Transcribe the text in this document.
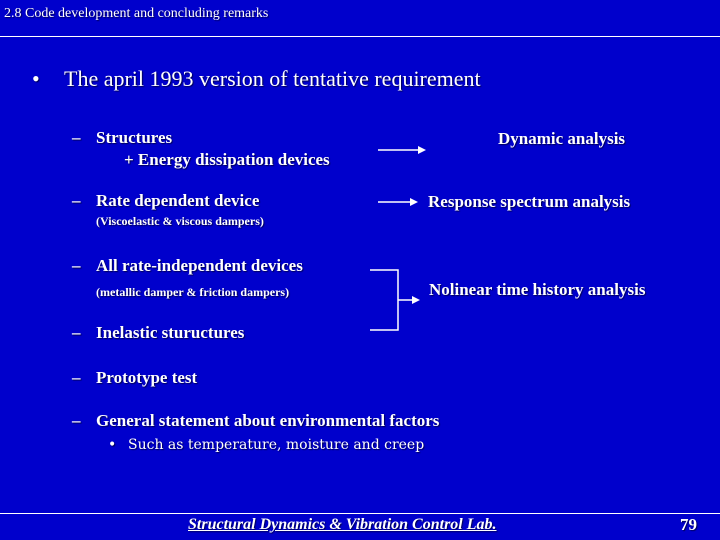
2.8 Code development and concluding remarks
• The april 1993 version of tentative requirement
– Structures
+ Energy dissipation devices
Dynamic analysis
– Rate dependent device
(Viscoelastic & viscous dampers)
Response spectrum analysis
– All rate-independent devices
(metallic damper & friction dampers)	Nolinear time history analysis
– Inelastic stuructures
– Prototype test
– General statement about environmental factors
• Such as temperature, moisture and creep
Structural Dynamics & Vibration Control Lab.	79
